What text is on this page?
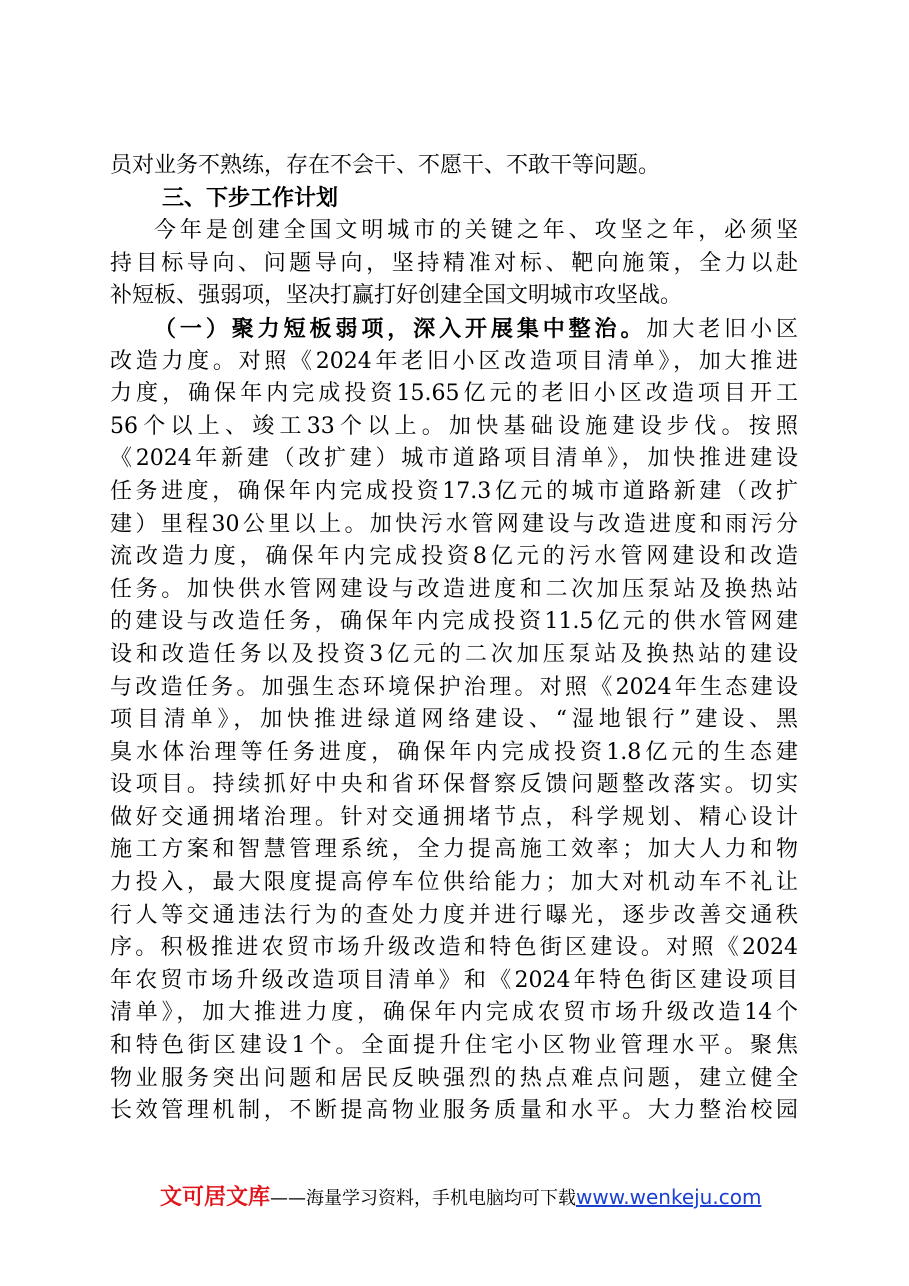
员对业务不熟练，存在不会干、不愿干、不敢干等问题。
三、下步工作计划
今年是创建全国文明城市的关键之年、攻坚之年，必须坚
持目标导向、问题导向，坚持精准对标、靶向施策，全力以赴
补短板、强弱项，坚决打赢打好创建全国文明城市攻坚战。
（一）聚力短板弱项，深入开展集中整治。加大老旧小区
改造力度。对照《2024年老旧小区改造项目清单》，加大推进
力度，确保年内完成投资15.65亿元的老旧小区改造项目开工
56个以上、竣工33个以上。加快基础设施建设步伐。按照
《2024年新建（改扩建）城市道路项目清单》，加快推进建设
任务进度，确保年内完成投资17.3亿元的城市道路新建（改扩
建）里程30公里以上。加快污水管网建设与改造进度和雨污分
流改造力度，确保年内完成投资8亿元的污水管网建设和改造
任务。加快供水管网建设与改造进度和二次加压泵站及换热站
的建设与改造任务，确保年内完成投资11.5亿元的供水管网建
设和改造任务以及投资3亿元的二次加压泵站及换热站的建设
与改造任务。加强生态环境保护治理。对照《2024年生态建设
项目清单》，加快推进绿道网络建设、“湿地银行”建设、黑
臭水体治理等任务进度，确保年内完成投资1.8亿元的生态建
设项目。持续抓好中央和省环保督察反馈问题整改落实。切实
做好交通拥堵治理。针对交通拥堵节点，科学规划、精心设计
施工方案和智慧管理系统，全力提高施工效率；加大人力和物
力投入，最大限度提高停车位供给能力；加大对机动车不礼让
行人等交通违法行为的查处力度并进行曝光，逐步改善交通秩
序。积极推进农贸市场升级改造和特色街区建设。对照《2024
年农贸市场升级改造项目清单》和《2024年特色街区建设项目
清单》，加大推进力度，确保年内完成农贸市场升级改造14个
和特色街区建设1个。全面提升住宅小区物业管理水平。聚焦
物业服务突出问题和居民反映强烈的热点难点问题，建立健全
长效管理机制，不断提高物业服务质量和水平。大力整治校园
文可居文库——海量学习资料，手机电脑均可下载www.wenkeju.com
